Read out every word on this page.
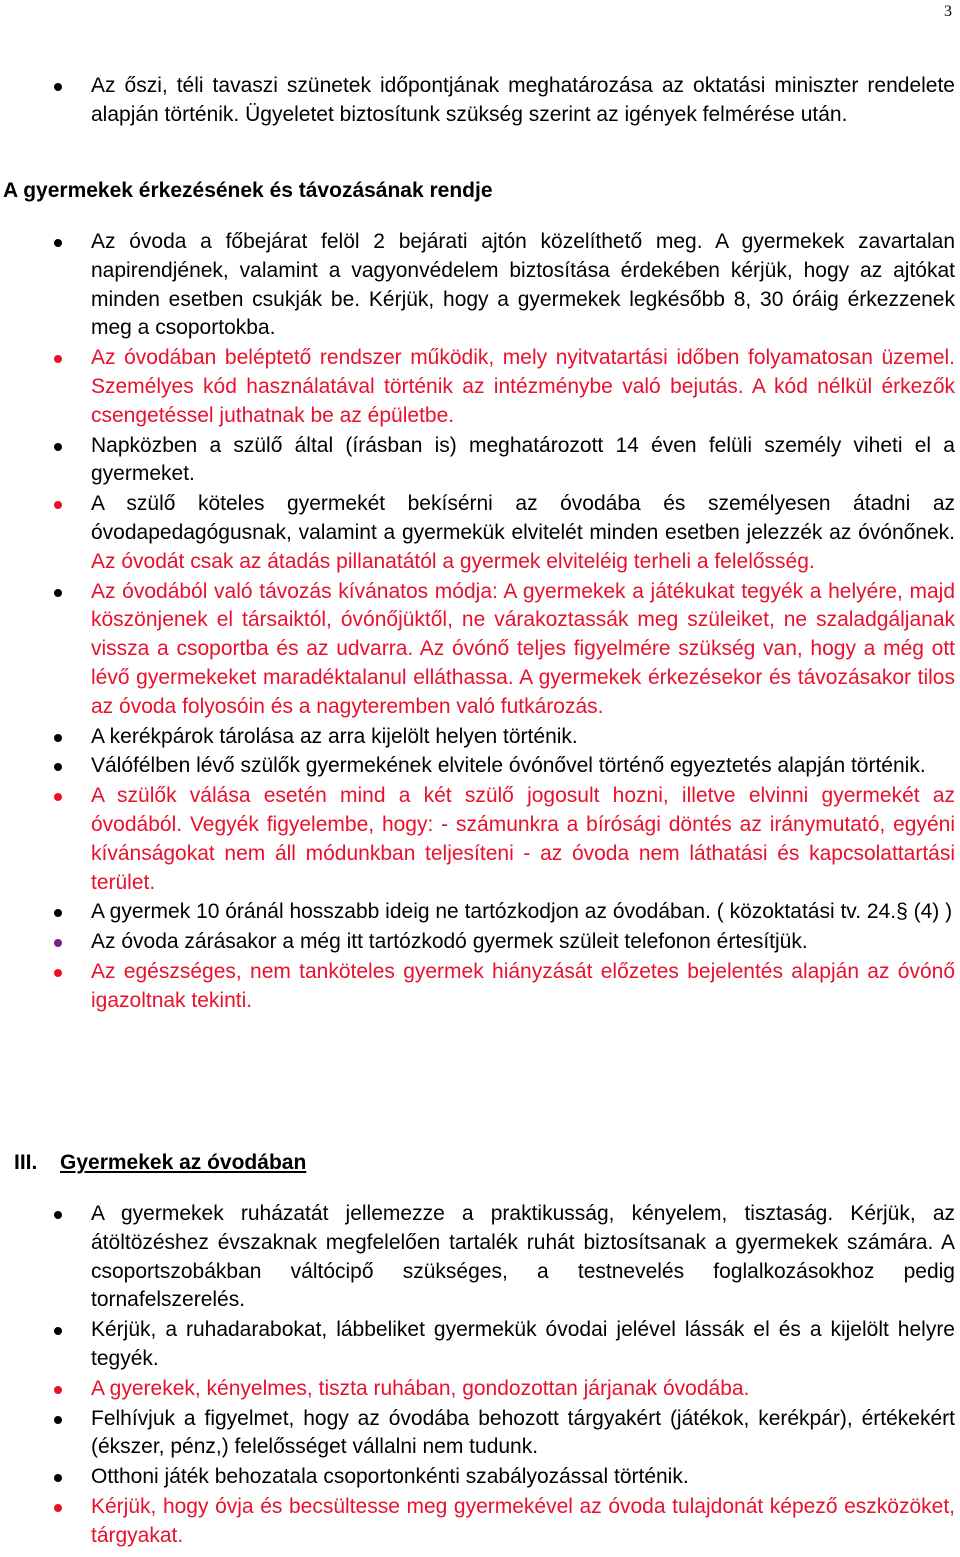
3
Az őszi, téli tavaszi szünetek időpontjának meghatározása az oktatási miniszter rendelete alapján történik. Ügyeletet biztosítunk szükség szerint az igények felmérése után.
A gyermekek érkezésének és távozásának rendje
Az óvoda a főbejárat felöl 2 bejárati ajtón közelíthető meg. A gyermekek zavartalan napirendjének, valamint a vagyonvédelem biztosítása érdekében kérjük, hogy az ajtókat minden esetben csukják be. Kérjük, hogy a gyermekek legkésőbb 8, 30 óráig érkezzenek meg a csoportokba.
Az óvodában beléptető rendszer működik, mely nyitvatartási időben folyamatosan üzemel. Személyes kód használatával történik az intézménybe való bejutás. A kód nélkül érkezők csengetéssel juthatnak be az épületbe.
Napközben a szülő által (írásban is) meghatározott 14 éven felüli személy viheti el a gyermeket.
A szülő köteles gyermekét bekísérni az óvodába és személyesen átadni az óvodapedagógusnak, valamint a gyermekük elvitelét minden esetben jelezzék az óvónőnek. Az óvodát csak az átadás pillanatától a gyermek elviteléig terheli a felelősség.
Az óvodából való távozás kívánatos módja: A gyermekek a játékukat tegyék a helyére, majd köszönjenek el társaiktól, óvónőjüktől, ne várakoztassák meg szüleiket, ne szaladgáljanak vissza a csoportba és az udvarra. Az óvónő teljes figyelmére szükség van, hogy a még ott lévő gyermekeket maradéktalanul elláthassa. A gyermekek érkezésekor és távozásakor tilos az óvoda folyosóin és a nagyteremben való futkározás.
A kerékpárok tárolása az arra kijelölt helyen történik.
Válófélben lévő szülők gyermekének elvitele óvónővel történő egyeztetés alapján történik.
A szülők válása esetén mind a két szülő jogosult hozni, illetve elvinni gyermekét az óvodából. Vegyék figyelembe, hogy: - számunkra a bírósági döntés az iránymutató, egyéni kívánságokat nem áll módunkban teljesíteni - az óvoda nem láthatási és kapcsolattartási terület.
A gyermek 10 óránál hosszabb ideig ne tartózkodjon az óvodában. ( közoktatási tv. 24.§ (4) )
Az óvoda zárásakor a még itt tartózkodó gyermek szüleit telefonon értesítjük.
Az egészséges, nem tanköteles gyermek hiányzását előzetes bejelentés alapján az óvónő igazoltnak tekinti.
III. Gyermekek az óvodában
A gyermekek ruházatát jellemezze a praktikusság, kényelem, tisztaság. Kérjük, az átöltözéshez évszaknak megfelelően tartalék ruhát biztosítsanak a gyermekek számára. A csoportszobákban váltócipő szükséges, a testnevelés foglalkozásokhoz pedig tornafelszerelés.
Kérjük, a ruhadarabokat, lábbeliket gyermekük óvodai jelével lássák el és a kijelölt helyre tegyék.
A gyerekek, kényelmes, tiszta ruhában, gondozottan járjanak óvodába.
Felhívjuk a figyelmet, hogy az óvodába behozott tárgyakért (játékok, kerékpár), értékekért (ékszer, pénz,) felelősséget vállalni nem tudunk.
Otthoni játék behozatala csoportonkénti szabályozással történik.
Kérjük, hogy óvja és becsültesse meg gyermekével az óvoda tulajdonát képező eszközöket, tárgyakat.
